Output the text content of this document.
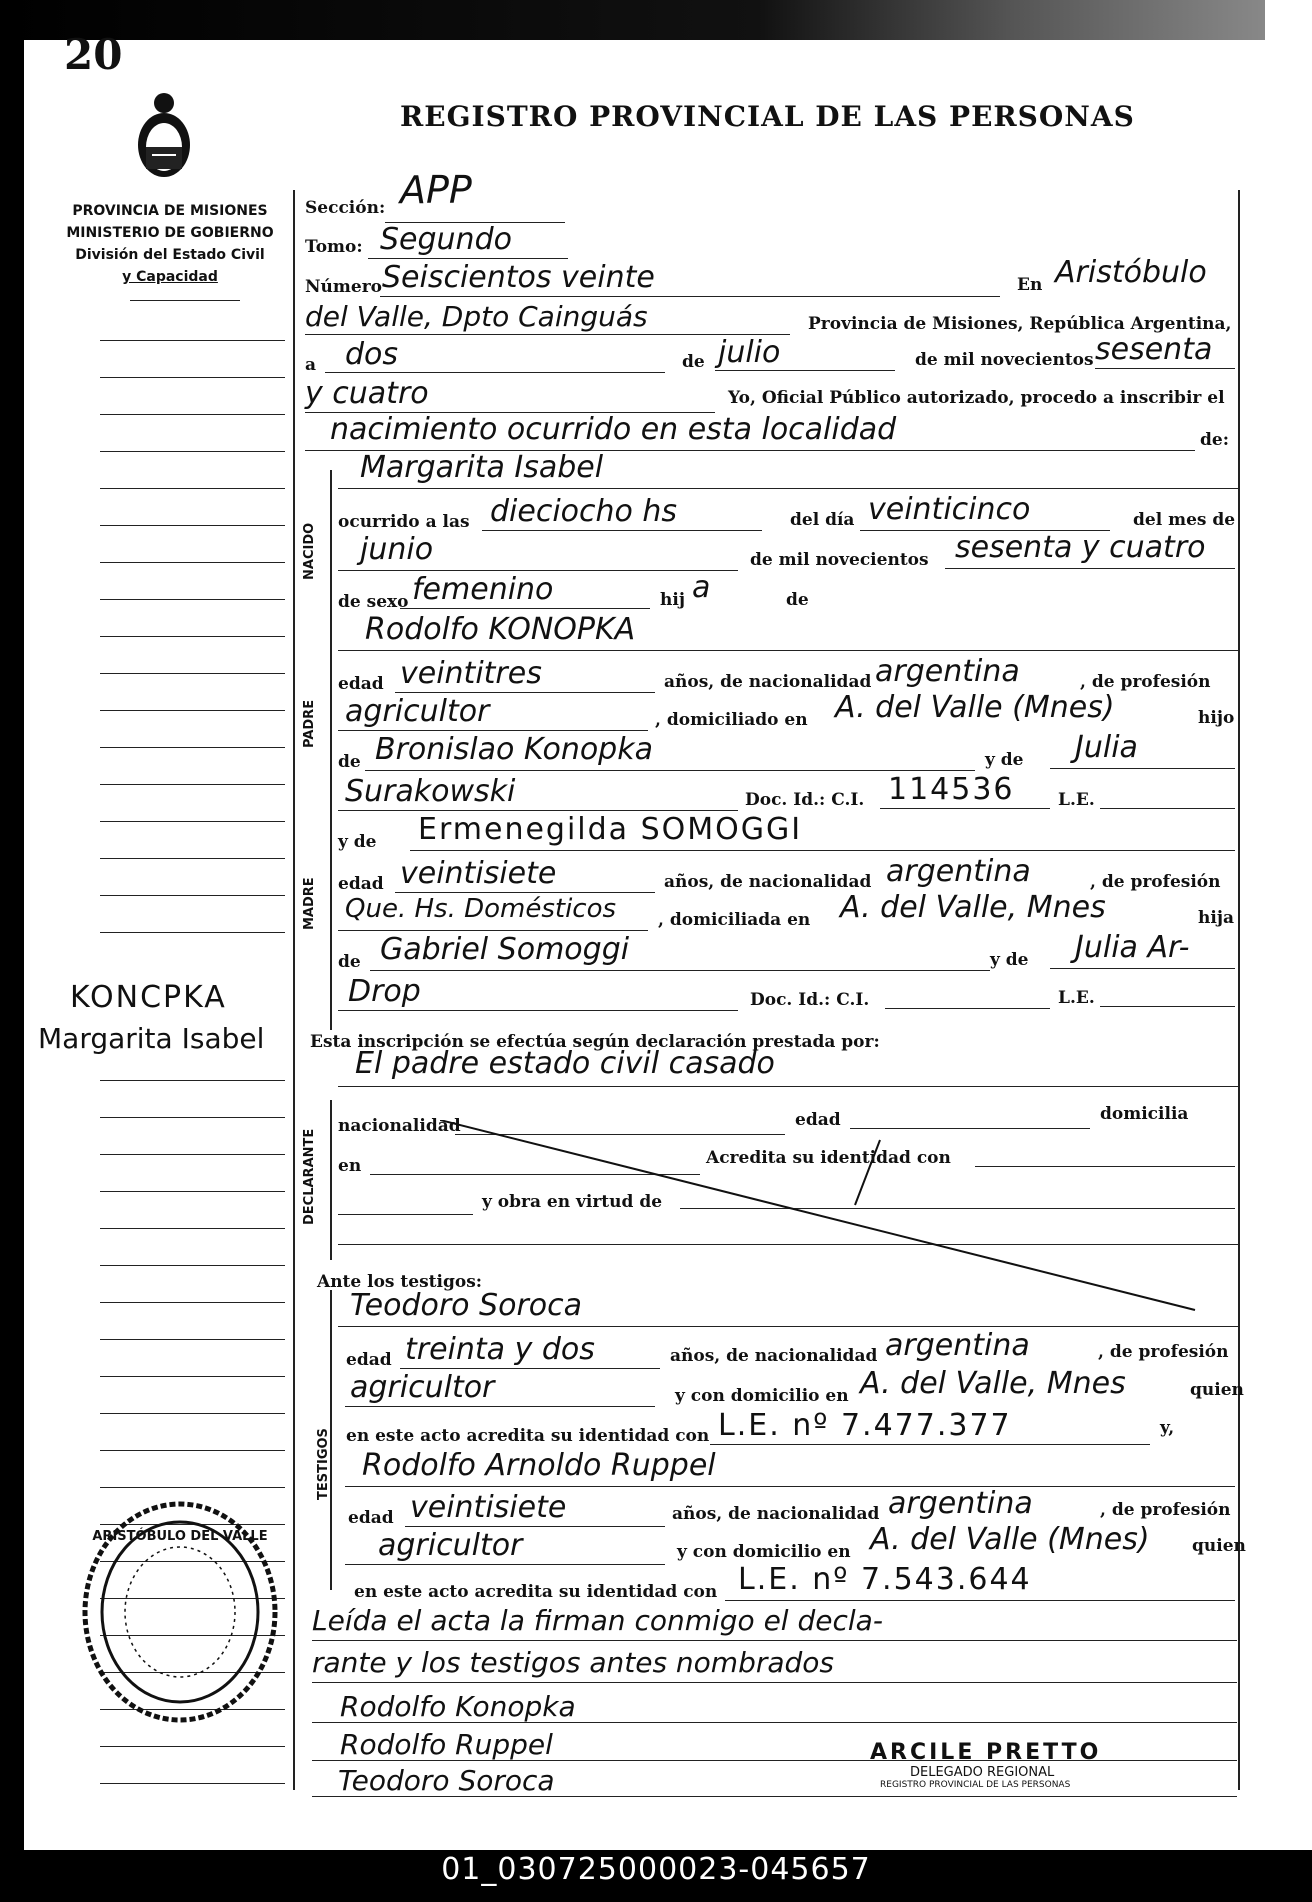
20
REGISTRO PROVINCIAL DE LAS PERSONAS
PROVINCIA DE MISIONES
MINISTERIO DE GOBIERNO
División del Estado Civil
y Capacidad
KONCPKA
Margarita Isabel
NACIDO
PADRE
MADRE
DECLARANTE
TESTIGOS
Sección: APP
Tomo: Segundo
Número Seiscientos veinte	En Aristóbulo
del Valle, Dpto Cainguás	Provincia de Misiones, República Argentina,
a dos	de julio	de mil novecientos sesenta
y cuatro	Yo, Oficial Público autorizado, procedo a inscribir el
nacimiento ocurrido en esta localidad	de:
Margarita Isabel
ocurrido a las dieciocho hs	del día veinticinco	del mes de
junio	de mil novecientos sesenta y cuatro
de sexo femenino	hij a	de
Rodolfo KONOPKA
edad veintitres	años, de nacionalidad argentina	, de profesión
agricultor	, domiciliado en A. del Valle (Mnes)	hijo
de Bronislao Konopka	y de Julia
Surakowski	Doc. Id.: C.I. 114536	L.E.
y de Ermenegilda SOMOGGI
edad veintisiete	años, de nacionalidad argentina	, de profesión
Que. Hs. Domésticos , domiciliada en A. del Valle, Mnes	hija
de Gabriel Somoggi	y de Julia Ar-
Drop	Doc. Id.: C.I.	L.E.
Esta inscripción se efectúa según declaración prestada por:
El padre estado civil casado
nacionalidad	edad	domicilia
en	Acredita su identidad con
y obra en virtud de
Ante los testigos:
Teodoro Soroca
edad treinta y dos	años, de nacionalidad argentina	, de profesión
agricultor	y con domicilio en A. del Valle, Mnes	quien
en este acto acredita su identidad con L.E. nº 7.477.377	y,
Rodolfo Arnoldo Ruppel
edad veintisiete	años, de nacionalidad argentina	, de profesión
agricultor	y con domicilio en A. del Valle (Mnes) quien
en este acto acredita su identidad con L.E. nº 7.543.644
Leída el acta la firman conmigo el decla-
rante y los testigos antes nombrados
Rodolfo Konopka
Rodolfo Ruppel
Teodoro Soroca
ARISTÓBULO DEL VALLE
ARCILE PRETTO
DELEGADO REGIONAL
REGISTRO PROVINCIAL DE LAS PERSONAS
01_030725000023-045657
